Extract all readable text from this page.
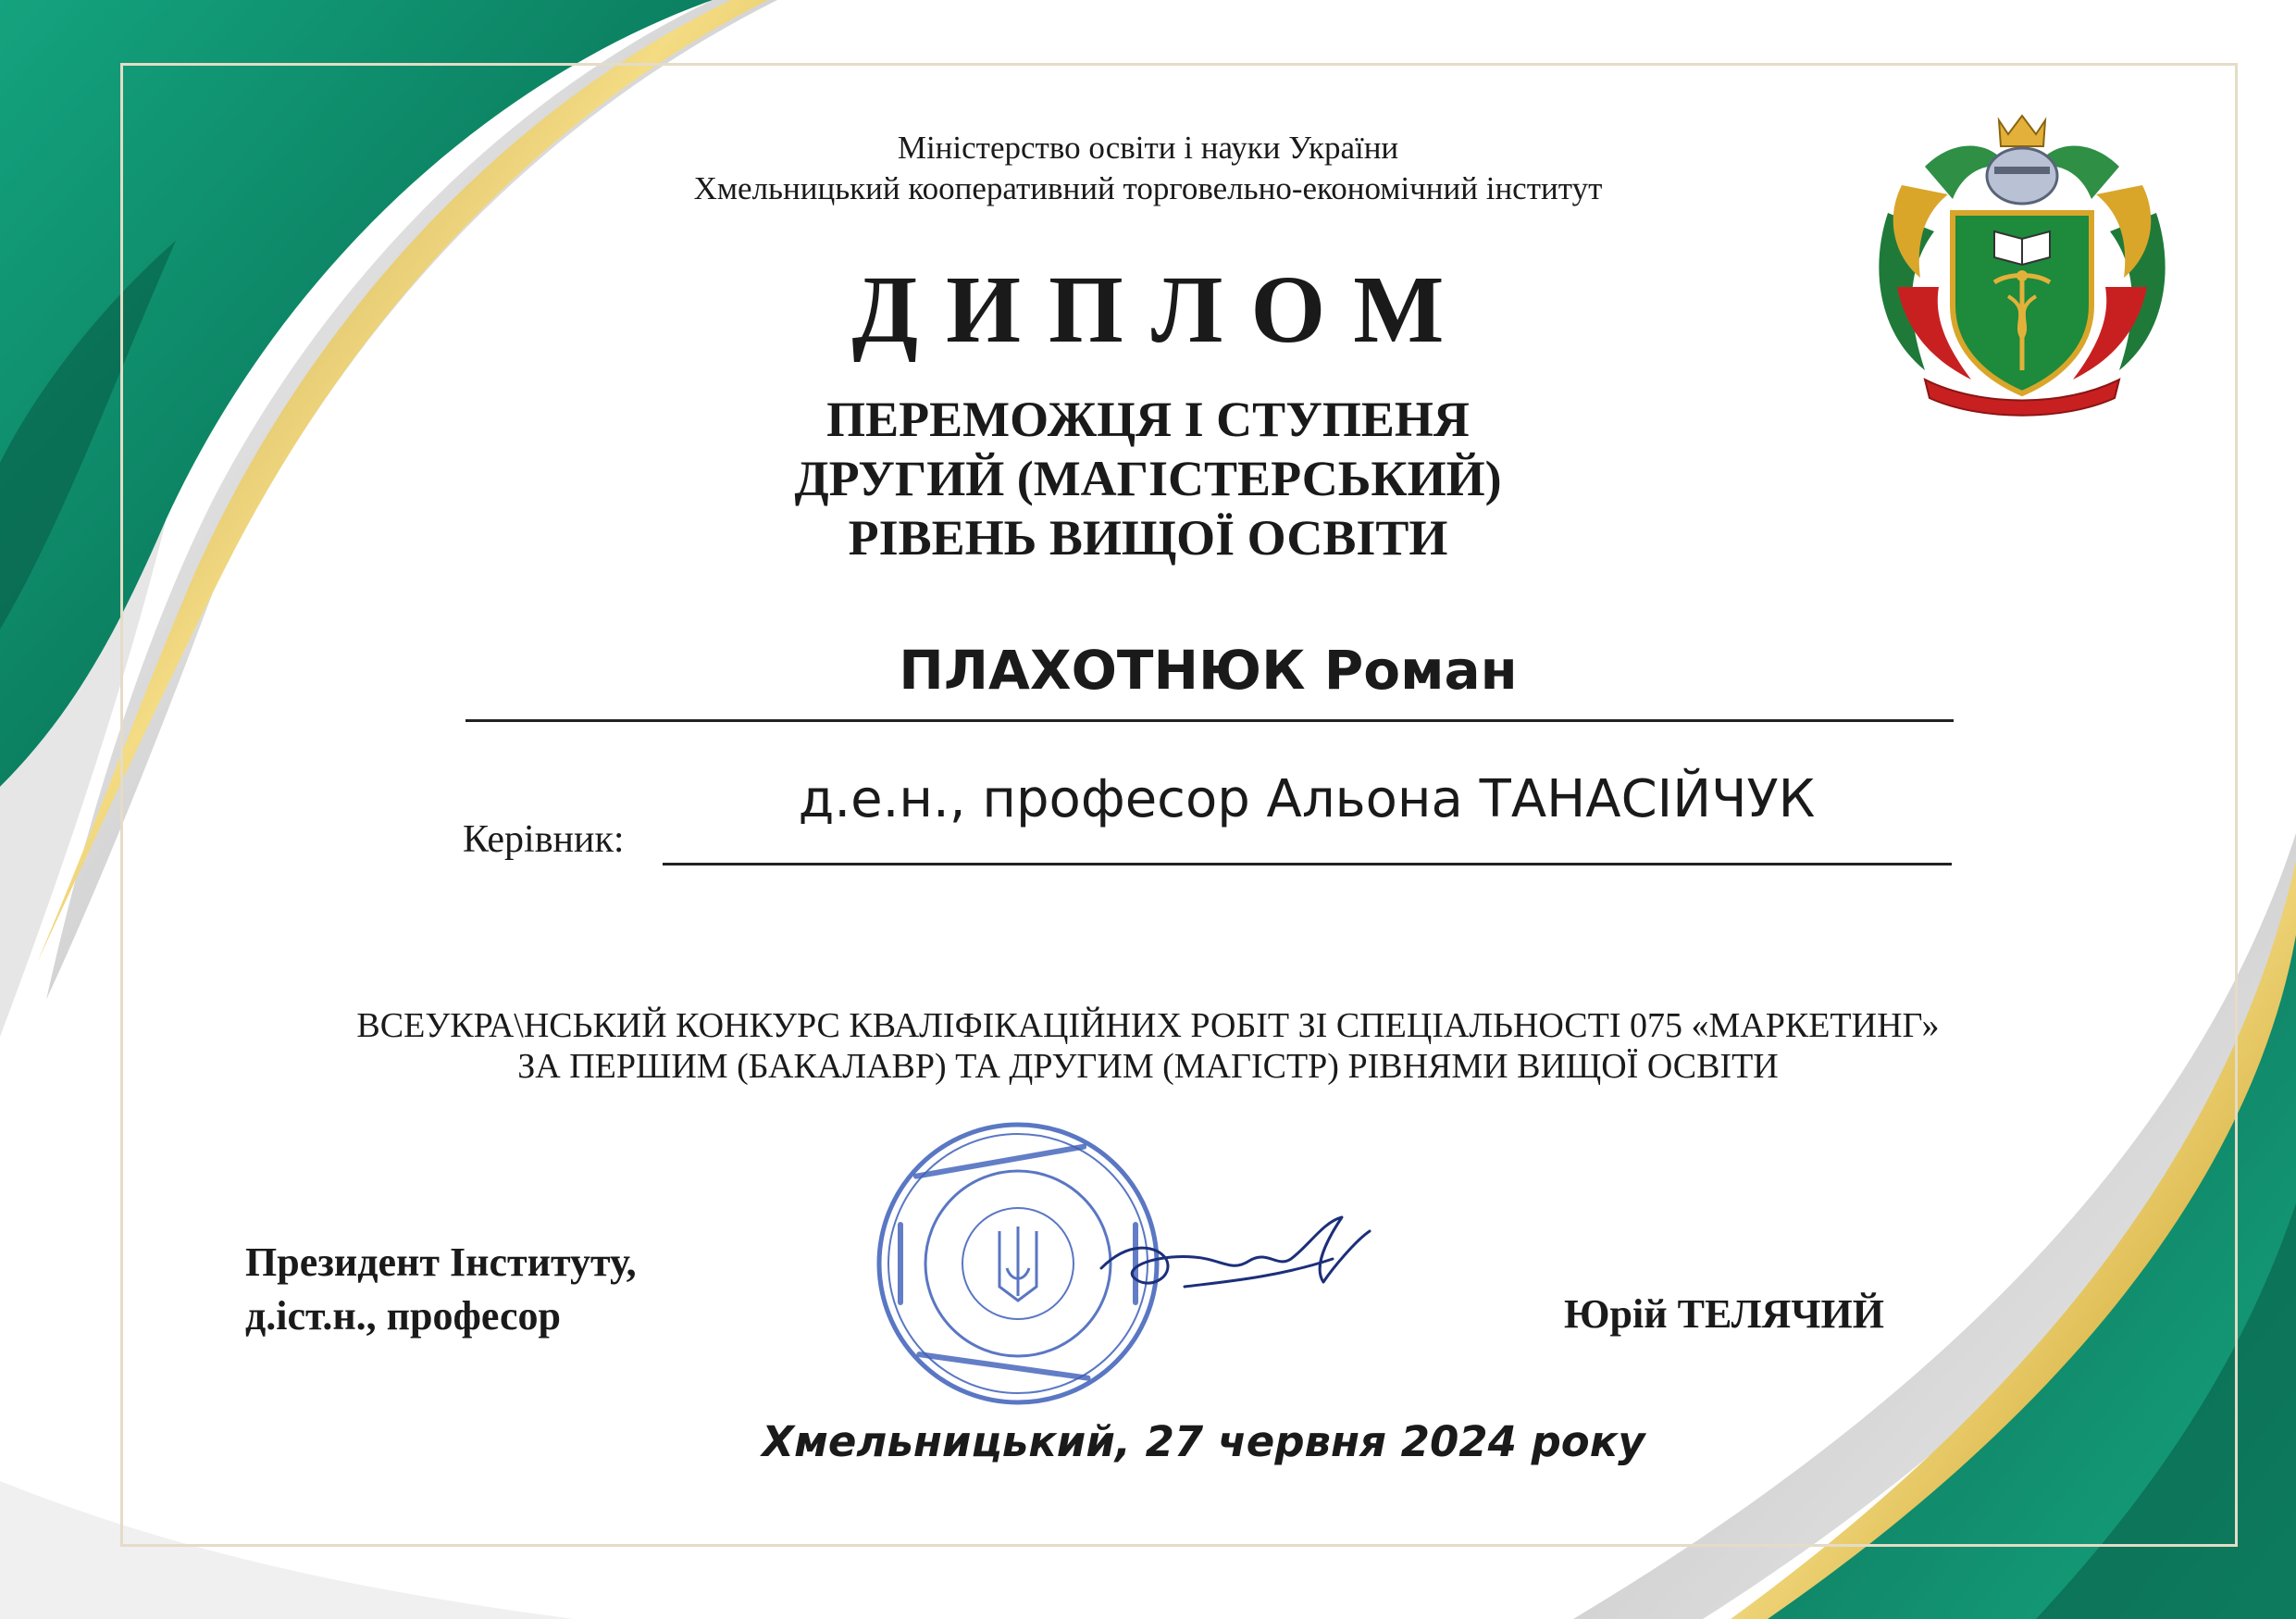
Міністерство освіти і науки України
Хмельницький кооперативний торговельно-економічний інститут
ДИПЛОМ
ПЕРЕМОЖЦЯ І СТУПЕНЯ
ДРУГИЙ (МАГІСТЕРСЬКИЙ)
РІВЕНЬ ВИЩОЇ ОСВІТИ
ПЛАХОТНЮК Роман
Керівник:
д.е.н., професор Альона ТАНАСІЙЧУК
ВСЕУКРА\НСЬКИЙ КОНКУРС КВАЛІФІКАЦІЙНИХ РОБІТ ЗІ СПЕЦІАЛЬНОСТІ 075 «МАРКЕТИНГ»
ЗА ПЕРШИМ (БАКАЛАВР) ТА ДРУГИМ (МАГІСТР) РІВНЯМИ ВИЩОЇ ОСВІТИ
Президент Інституту,
д.іст.н., професор	Юрій ТЕЛЯЧИЙ
Хмельницький, 27 червня 2024 року
